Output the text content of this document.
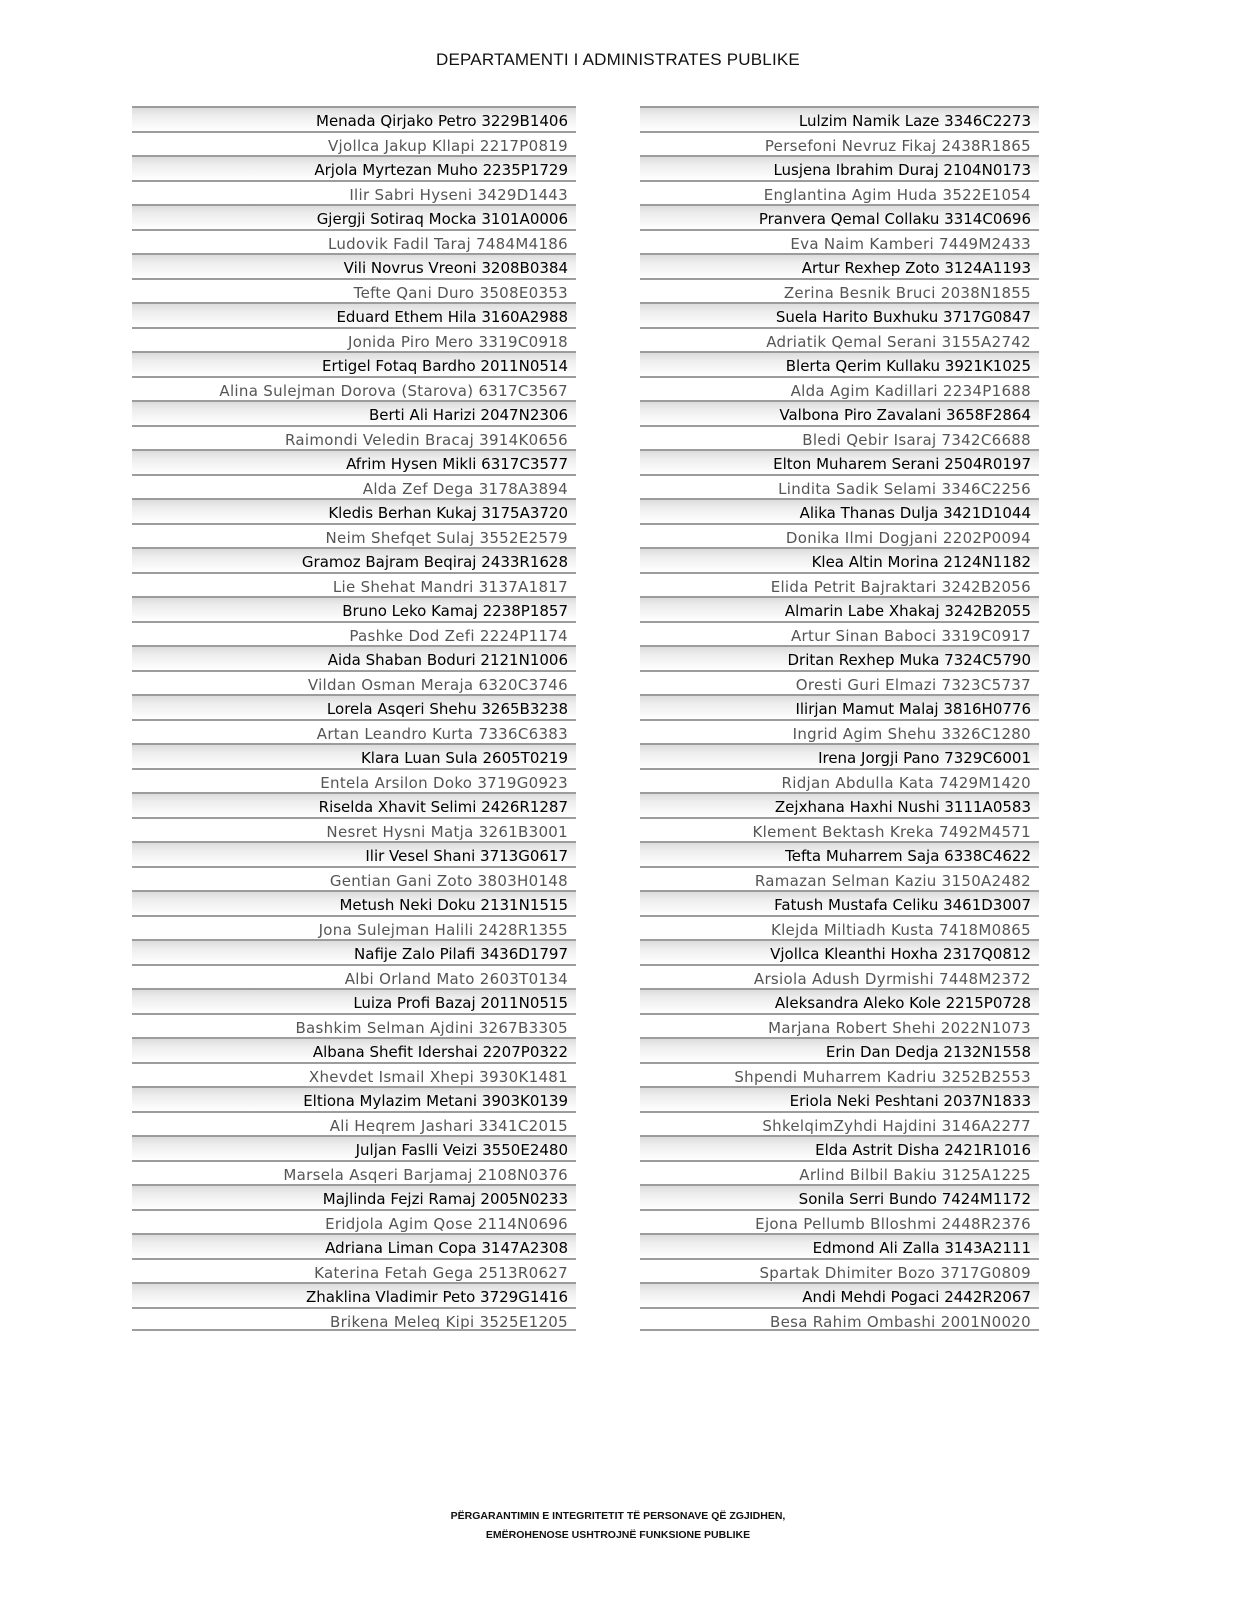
DEPARTAMENTI I ADMINISTRATES PUBLIKE
Menada Qirjako Petro 3229B1406
Vjollca Jakup Kllapi 2217P0819
Arjola Myrtezan Muho 2235P1729
Ilir Sabri Hyseni 3429D1443
Gjergji Sotiraq Mocka 3101A0006
Ludovik Fadil Taraj 7484M4186
Vili Novrus Vreoni 3208B0384
Tefte Qani Duro 3508E0353
Eduard Ethem Hila 3160A2988
Jonida Piro Mero 3319C0918
Ertigel Fotaq Bardho 2011N0514
Alina Sulejman Dorova (Starova) 6317C3567
Berti Ali Harizi 2047N2306
Raimondi Veledin Bracaj 3914K0656
Afrim Hysen Mikli 6317C3577
Alda Zef Dega 3178A3894
Kledis Berhan Kukaj 3175A3720
Neim Shefqet Sulaj 3552E2579
Gramoz Bajram Beqiraj 2433R1628
Lie Shehat Mandri 3137A1817
Bruno Leko Kamaj 2238P1857
Pashke Dod Zefi 2224P1174
Aida Shaban Boduri 2121N1006
Vildan Osman Meraja 6320C3746
Lorela Asqeri Shehu 3265B3238
Artan Leandro Kurta 7336C6383
Klara Luan Sula 2605T0219
Entela Arsilon Doko 3719G0923
Riselda Xhavit Selimi 2426R1287
Nesret Hysni Matja 3261B3001
Ilir Vesel Shani 3713G0617
Gentian Gani Zoto 3803H0148
Metush Neki Doku 2131N1515
Jona Sulejman Halili 2428R1355
Nafije Zalo Pilafi 3436D1797
Albi Orland Mato 2603T0134
Luiza Profi Bazaj 2011N0515
Bashkim Selman Ajdini 3267B3305
Albana Shefit Idershai 2207P0322
Xhevdet Ismail Xhepi 3930K1481
Eltiona Mylazim Metani 3903K0139
Ali Heqrem Jashari 3341C2015
Juljan Faslli Veizi 3550E2480
Marsela Asqeri Barjamaj 2108N0376
Majlinda Fejzi Ramaj 2005N0233
Eridjola Agim Qose 2114N0696
Adriana Liman Copa 3147A2308
Katerina Fetah Gega 2513R0627
Zhaklina Vladimir Peto 3729G1416
Brikena Meleq Kipi 3525E1205
Lulzim Namik Laze 3346C2273
Persefoni Nevruz Fikaj 2438R1865
Lusjena Ibrahim Duraj 2104N0173
Englantina Agim Huda 3522E1054
Pranvera Qemal Collaku 3314C0696
Eva Naim Kamberi 7449M2433
Artur Rexhep Zoto 3124A1193
Zerina Besnik Bruci 2038N1855
Suela Harito Buxhuku 3717G0847
Adriatik Qemal Serani 3155A2742
Blerta Qerim Kullaku 3921K1025
Alda Agim Kadillari 2234P1688
Valbona Piro Zavalani 3658F2864
Bledi Qebir Isaraj 7342C6688
Elton Muharem Serani 2504R0197
Lindita Sadik Selami 3346C2256
Alika Thanas Dulja 3421D1044
Donika Ilmi Dogjani 2202P0094
Klea Altin Morina 2124N1182
Elida Petrit Bajraktari 3242B2056
Almarin Labe Xhakaj 3242B2055
Artur Sinan Baboci 3319C0917
Dritan Rexhep Muka 7324C5790
Oresti Guri Elmazi 7323C5737
Ilirjan Mamut Malaj 3816H0776
Ingrid Agim Shehu 3326C1280
Irena Jorgji Pano 7329C6001
Ridjan Abdulla Kata 7429M1420
Zejxhana Haxhi Nushi 3111A0583
Klement Bektash Kreka 7492M4571
Tefta Muharrem Saja 6338C4622
Ramazan Selman Kaziu 3150A2482
Fatush Mustafa Celiku 3461D3007
Klejda Miltiadh Kusta 7418M0865
Vjollca Kleanthi Hoxha 2317Q0812
Arsiola Adush Dyrmishi 7448M2372
Aleksandra Aleko Kole 2215P0728
Marjana Robert Shehi 2022N1073
Erin Dan Dedja 2132N1558
Shpendi Muharrem Kadriu 3252B2553
Eriola Neki Peshtani 2037N1833
ShkelqimZyhdi Hajdini 3146A2277
Elda Astrit Disha 2421R1016
Arlind Bilbil Bakiu 3125A1225
Sonila Serri Bundo 7424M1172
Ejona Pellumb Blloshmi 2448R2376
Edmond Ali Zalla 3143A2111
Spartak Dhimiter Bozo 3717G0809
Andi Mehdi Pogaci 2442R2067
Besa Rahim Ombashi 2001N0020
PËRGARANTIMIN E INTEGRITETIT TË PERSONAVE QË ZGJIDHEN,
EMËROHENOSE USHTROJNË FUNKSIONE PUBLIKE
